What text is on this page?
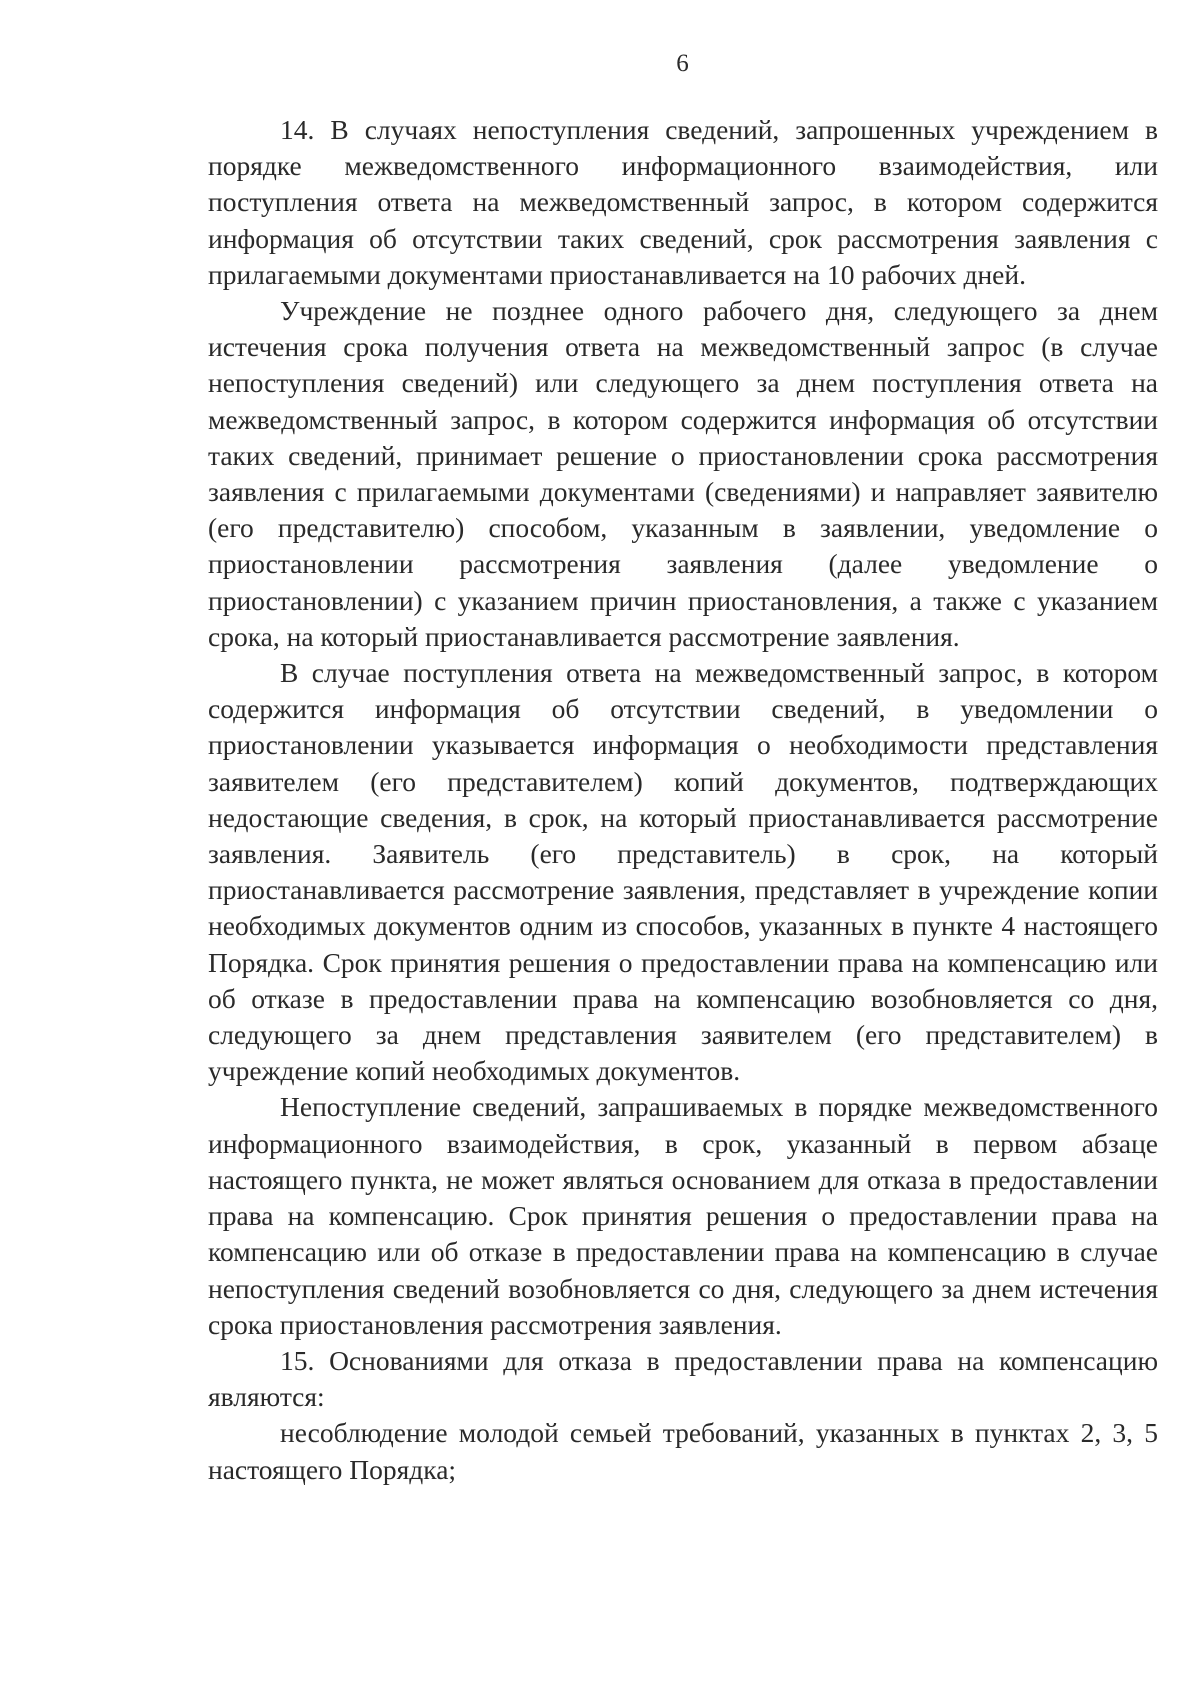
6

14. В случаях непоступления сведений, запрошенных учреждением в порядке межведомственного информационного взаимодействия, или поступления ответа на межведомственный запрос, в котором содержится информация об отсутствии таких сведений, срок рассмотрения заявления с прилагаемыми документами приостанавливается на 10 рабочих дней.

Учреждение не позднее одного рабочего дня, следующего за днем истечения срока получения ответа на межведомственный запрос (в случае непоступления сведений) или следующего за днем поступления ответа на межведомственный запрос, в котором содержится информация об отсутствии таких сведений, принимает решение о приостановлении срока рассмотрения заявления с прилагаемыми документами (сведениями) и направляет заявителю (его представителю) способом, указанным в заявлении, уведомление о приостановлении рассмотрения заявления (далее уведомление о приостановлении) с указанием причин приостановления, а также с указанием срока, на который приостанавливается рассмотрение заявления.

В случае поступления ответа на межведомственный запрос, в котором содержится информация об отсутствии сведений, в уведомлении о приостановлении указывается информация о необходимости представления заявителем (его представителем) копий документов, подтверждающих недостающие сведения, в срок, на который приостанавливается рассмотрение заявления. Заявитель (его представитель) в срок, на который приостанавливается рассмотрение заявления, представляет в учреждение копии необходимых документов одним из способов, указанных в пункте 4 настоящего Порядка. Срок принятия решения о предоставлении права на компенсацию или об отказе в предоставлении права на компенсацию возобновляется со дня, следующего за днем представления заявителем (его представителем) в учреждение копий необходимых документов.

Непоступление сведений, запрашиваемых в порядке межведомственного информационного взаимодействия, в срок, указанный в первом абзаце настоящего пункта, не может являться основанием для отказа в предоставлении права на компенсацию. Срок принятия решения о предоставлении права на компенсацию или об отказе в предоставлении права на компенсацию в случае непоступления сведений возобновляется со дня, следующего за днем истечения срока приостановления рассмотрения заявления.

15. Основаниями для отказа в предоставлении права на компенсацию являются:

несоблюдение молодой семьей требований, указанных в пунктах 2, 3, 5 настоящего Порядка;
